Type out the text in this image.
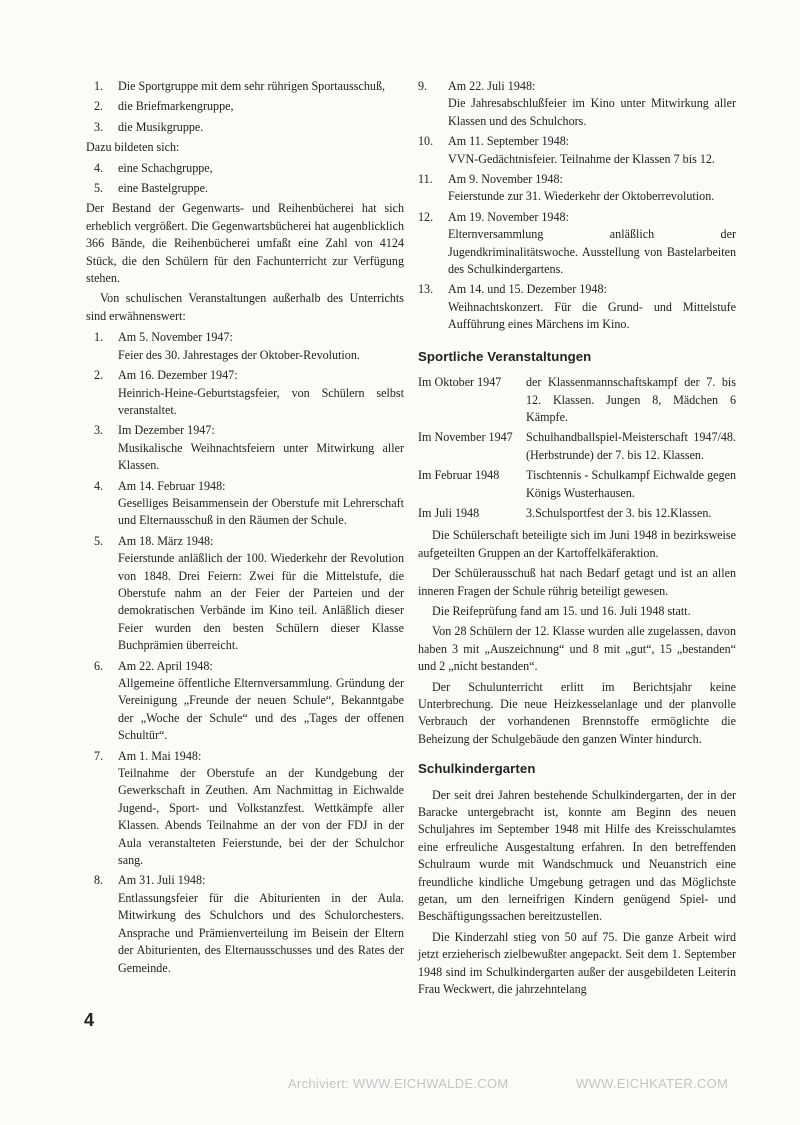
1. Die Sportgruppe mit dem sehr rührigen Sportausschuß,
2. die Briefmarkengruppe,
3. die Musikgruppe.

Dazu bildeten sich:

4. eine Schachgruppe,
5. eine Bastelgruppe.

Der Bestand der Gegenwarts- und Reihenbücherei hat sich erheblich vergrößert. Die Gegenwartsbücherei hat augenblicklich 366 Bände, die Reihenbücherei umfaßt eine Zahl von 4124 Stück, die den Schülern für den Fachunterricht zur Verfügung stehen.

Von schulischen Veranstaltungen außerhalb des Unterrichts sind erwähnenswert:

1. Am 5. November 1947:
Feier des 30. Jahrestages der Oktober-Revolution.
2. Am 16. Dezember 1947:
Heinrich-Heine-Geburtstagsfeier, von Schülern selbst veranstaltet.
3. Im Dezember 1947:
Musikalische Weihnachtsfeiern unter Mitwirkung aller Klassen.
4. Am 14. Februar 1948:
Geselliges Beisammensein der Oberstufe mit Lehrerschaft und Elternausschuß in den Räumen der Schule.
5. Am 18. März 1948:
Feierstunde anläßlich der 100. Wiederkehr der Revolution von 1848. Drei Feiern: Zwei für die Mittelstufe, die Oberstufe nahm an der Feier der Parteien und der demokratischen Verbände im Kino teil. Anläßlich dieser Feier wurden den besten Schülern dieser Klasse Buchprämien überreicht.
6. Am 22. April 1948:
Allgemeine öffentliche Elternversammlung. Gründung der Vereinigung „Freunde der neuen Schule“, Bekanntgabe der „Woche der Schule“ und des „Tages der offenen Schultür“.
7. Am 1. Mai 1948:
Teilnahme der Oberstufe an der Kundgebung der Gewerkschaft in Zeuthen. Am Nachmittag in Eichwalde Jugend-, Sport- und Volkstanzfest. Wettkämpfe aller Klassen. Abends Teilnahme an der von der FDJ in der Aula veranstalteten Feierstunde, bei der der Schulchor sang.
8. Am 31. Juli 1948:
Entlassungsfeier für die Abiturienten in der Aula. Mitwirkung des Schulchors und des Schulorchesters. Ansprache und Prämienverteilung im Beisein der Eltern der Abiturienten, des Elternausschusses und des Rates der Gemeinde.
9. Am 22. Juli 1948:
Die Jahresabschlußfeier im Kino unter Mitwirkung aller Klassen und des Schulchors.
10. Am 11. September 1948:
VVN-Gedächtnisfeier. Teilnahme der Klassen 7 bis 12.
11. Am 9. November 1948:
Feierstunde zur 31. Wiederkehr der Oktoberrevolution.
12. Am 19. November 1948:
Elternversammlung anläßlich der Jugendkriminalitätswoche. Ausstellung von Bastelarbeiten des Schulkindergartens.
13. Am 14. und 15. Dezember 1948:
Weihnachtskonzert. Für die Grund- und Mittelstufe Aufführung eines Märchens im Kino.
Sportliche Veranstaltungen
Im Oktober 1947	der Klassenmannschaftskampf der 7. bis 12. Klassen. Jungen 8, Mädchen 6 Kämpfe.
Im November 1947	Schulhandballspiel-Meisterschaft 1947/48. (Herbstrunde) der 7. bis 12. Klassen.
Im Februar 1948	Tischtennis - Schulkampf Eichwalde gegen Königs Wusterhausen.
Im Juli 1948	3.Schulsportfest der 3. bis 12.Klassen.

Die Schülerschaft beteiligte sich im Juni 1948 in bezirksweise aufgeteilten Gruppen an der Kartoffelkäferaktion.

Der Schülerausschuß hat nach Bedarf getagt und ist an allen inneren Fragen der Schule rührig beteiligt gewesen.

Die Reifeprüfung fand am 15. und 16. Juli 1948 statt.

Von 28 Schülern der 12. Klasse wurden alle zugelassen, davon haben 3 mit „Auszeichnung“ und 8 mit „gut“, 15 „bestanden“ und 2 „nicht bestanden“.

Der Schulunterricht erlitt im Berichtsjahr keine Unterbrechung. Die neue Heizkesselanlage und der planvolle Verbrauch der vorhandenen Brennstoffe ermöglichte die Beheizung der Schulgebäude den ganzen Winter hindurch.

Schulkindergarten

Der seit drei Jahren bestehende Schulkindergarten, der in der Baracke untergebracht ist, konnte am Beginn des neuen Schuljahres im September 1948 mit Hilfe des Kreisschulamtes eine erfreuliche Ausgestaltung erfahren. In den betreffenden Schulraum wurde mit Wandschmuck und Neuanstrich eine freundliche kindliche Umgebung getragen und das Möglichste getan, um den lerneifrigen Kindern genügend Spiel- und Beschäftigungssachen bereitzustellen.

Die Kinderzahl stieg von 50 auf 75. Die ganze Arbeit wird jetzt erzieherisch zielbewußter angepackt. Seit dem 1. September 1948 sind im Schulkindergarten außer der ausgebildeten Leiterin Frau Weckwert, die jahrzehntelang

4
Archiviert: WWW.EICHWALDE.COM	WWW.EICHKATER.COM
